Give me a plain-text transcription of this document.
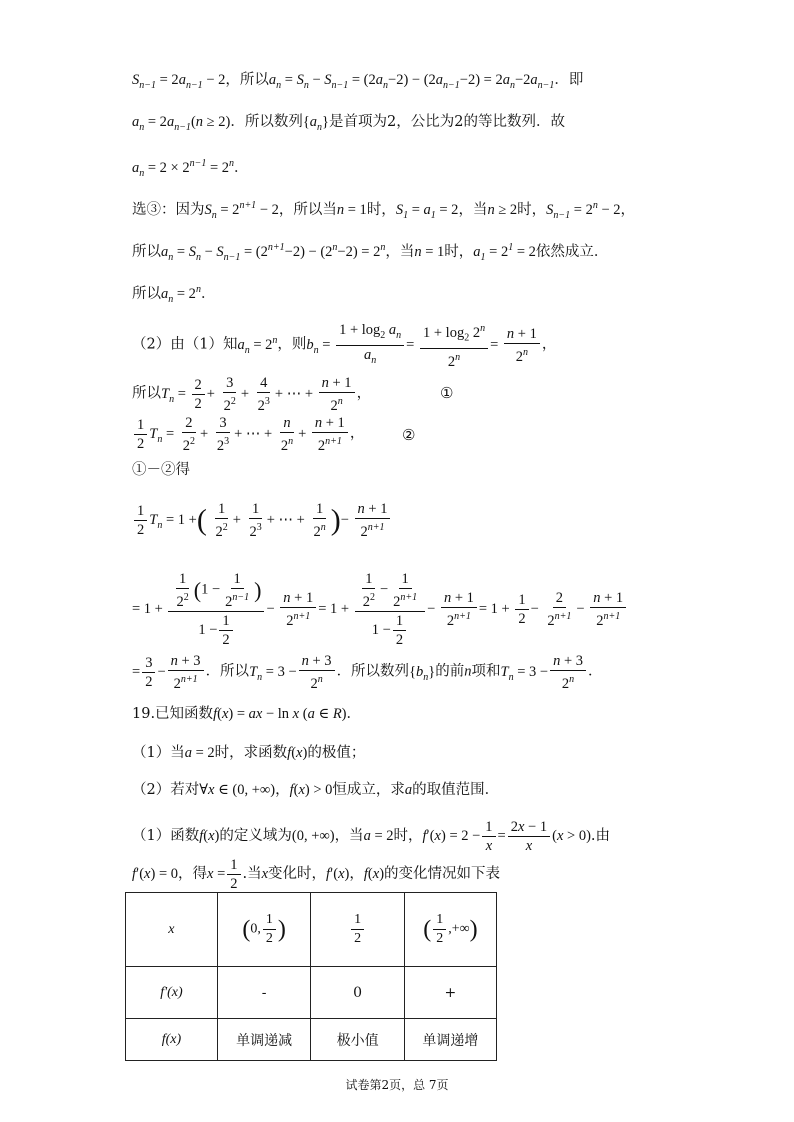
$S_{n-1} = 2a_{n-1} - 2$，所以$a_n = S_n - S_{n-1} = (2a_n-2) - (2a_{n-1}-2) = 2a_n-2a_{n-1}$．即
$a_n = 2a_{n-1}(n \ge 2)$．所以数列$\{a_n\}$是首项为2，公比为2的等比数列．故
$a_n = 2 \times 2^{n-1} = 2^n$．
选③：因为$S_n = 2^{n+1} - 2$，所以当n = 1时，$S_1 = a_1 = 2$，当n ≥ 2时，$S_{n-1} = 2^n - 2$，
所以$a_n = S_n - S_{n-1} = (2^{n+1}-2) - (2^n-2) = 2^n$，当n = 1时，$a_1 = 2^1 = 2$依然成立．
所以$a_n = 2^n$．
（2）由（1）知$a_n = 2^n$，则$b_n = \frac{1 + \log_2 a_n}{a_n} = \frac{1 + \log_2 2^n}{2^n} = \frac{n + 1}{2^n}$ ，
所以$T_n = \frac{2}{2} + \frac{3}{2^2} + \frac{4}{2^3}$ + ⋯ + $\frac{n + 1}{2^n}$ ，	①
$\frac{1}{2} T_n = \frac{2}{2^2} + \frac{3}{2^3}$ + ⋯ + $\frac{n}{2^n} + \frac{n + 1}{2^{n+1}}$ ，	②
①－②得
$\frac{1}{2} T_n = 1$ +( $\frac{1}{2^2} + \frac{1}{2^3}$ + ⋯ + $\frac{1}{2^n}$ )− $\frac{n + 1}{2^{n+1}}$
= $1 + \frac{\frac{1}{2^2} (1 - \frac{1}{2^{n-1}} )}{1 - \frac{1}{2}} - \frac{n + 1}{2^{n+1}} = 1 + \frac{\frac{1}{2^2} - \frac{1}{2^{n+1}}}{1 - \frac{1}{2}} - \frac{n + 1}{2^{n+1}} = 1 + \frac{1}{2} - \frac{2}{2^{n+1}} - \frac{n + 1}{2^{n+1}}$
= $\frac{3}{2} - \frac{n + 3}{2^{n+1}}$ ．所以$T_n = 3 - \frac{n + 3}{2^n}$ ．所以数列$\{b_n\}$的前n项和$T_n = 3 - \frac{n + 3}{2^n}$ ．
19.已知函数f(x) = ax − ln x (a ∈ R)．
（1）当a = 2时，求函数f(x)的极值；
（2）若对∀x ∈ (0, +∞)，f(x) > 0恒成立，求a的取值范围．
（1）函数f(x)的定义域为(0, +∞)，当a = 2时，$f'(x) = 2 - \frac{1}{x} = \frac{2x - 1}{x} (x > 0)$.由
f′(x) = 0，得$x = \frac{1}{2}$ .当x变化时，f′(x)，f(x)的变化情况如下表
x	(0, $\frac{1}{2}$ )	$\frac{1}{2}$	( $\frac{1}{2}$ ,+∞)
f'(x)	-	0	+
f(x)	单调递减	极小值	单调递增
试卷第2页，总 7页
